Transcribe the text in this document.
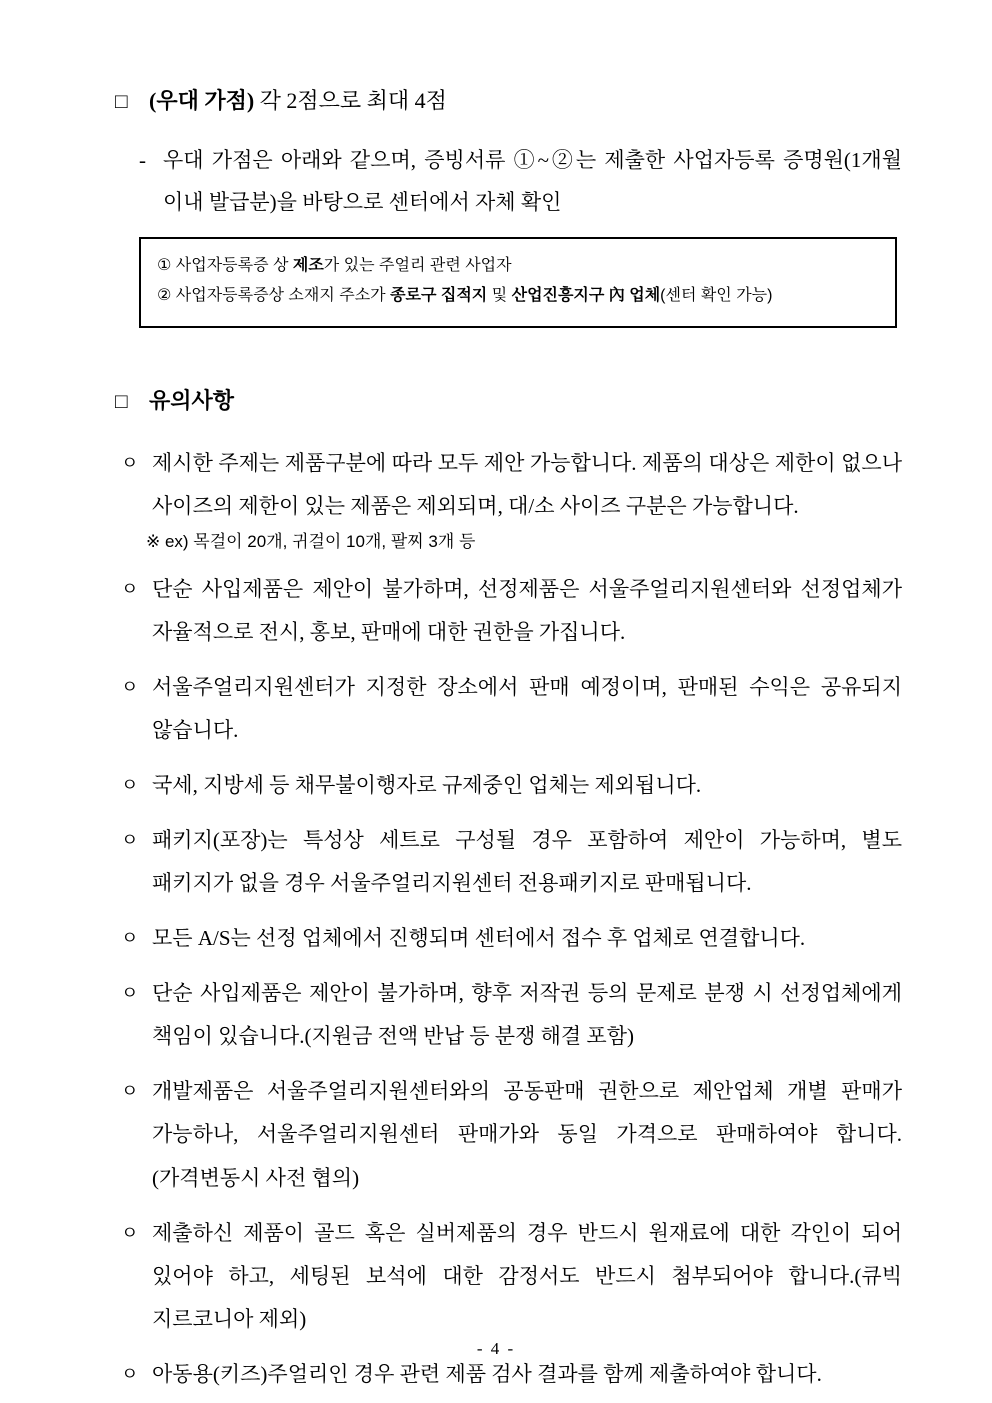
□ (우대 가점) 각 2점으로 최대 4점
- 우대 가점은 아래와 같으며, 증빙서류 ①~②는 제출한 사업자등록 증명원(1개월 이내 발급분)을 바탕으로 센터에서 자체 확인
① 사업자등록증 상 제조가 있는 주얼리 관련 사업자
② 사업자등록증상 소재지 주소가 종로구 집적지 및 산업진흥지구 內 업체(센터 확인 가능)
□ 유의사항
ㅇ 제시한 주제는 제품구분에 따라 모두 제안 가능합니다. 제품의 대상은 제한이 없으나 사이즈의 제한이 있는 제품은 제외되며, 대/소 사이즈 구분은 가능합니다.
※ ex) 목걸이 20개, 귀걸이 10개, 팔찌 3개 등
ㅇ 단순 사입제품은 제안이 불가하며, 선정제품은 서울주얼리지원센터와 선정업체가 자율적으로 전시, 홍보, 판매에 대한 권한을 가집니다.
ㅇ 서울주얼리지원센터가 지정한 장소에서 판매 예정이며, 판매된 수익은 공유되지 않습니다.
ㅇ 국세, 지방세 등 채무불이행자로 규제중인 업체는 제외됩니다.
ㅇ 패키지(포장)는 특성상 세트로 구성될 경우 포함하여 제안이 가능하며, 별도 패키지가 없을 경우 서울주얼리지원센터 전용패키지로 판매됩니다.
ㅇ 모든 A/S는 선정 업체에서 진행되며 센터에서 접수 후 업체로 연결합니다.
ㅇ 단순 사입제품은 제안이 불가하며, 향후 저작권 등의 문제로 분쟁 시 선정업체에게 책임이 있습니다.(지원금 전액 반납 등 분쟁 해결 포함)
ㅇ 개발제품은 서울주얼리지원센터와의 공동판매 권한으로 제안업체 개별 판매가 가능하나, 서울주얼리지원센터 판매가와 동일 가격으로 판매하여야 합니다.(가격변동시 사전 협의)
ㅇ 제출하신 제품이 골드 혹은 실버제품의 경우 반드시 원재료에 대한 각인이 되어 있어야 하고, 세팅된 보석에 대한 감정서도 반드시 첨부되어야 합니다.(큐빅 지르코니아 제외)
ㅇ 아동용(키즈)주얼리인 경우 관련 제품 검사 결과를 함께 제출하여야 합니다.
- 4 -
